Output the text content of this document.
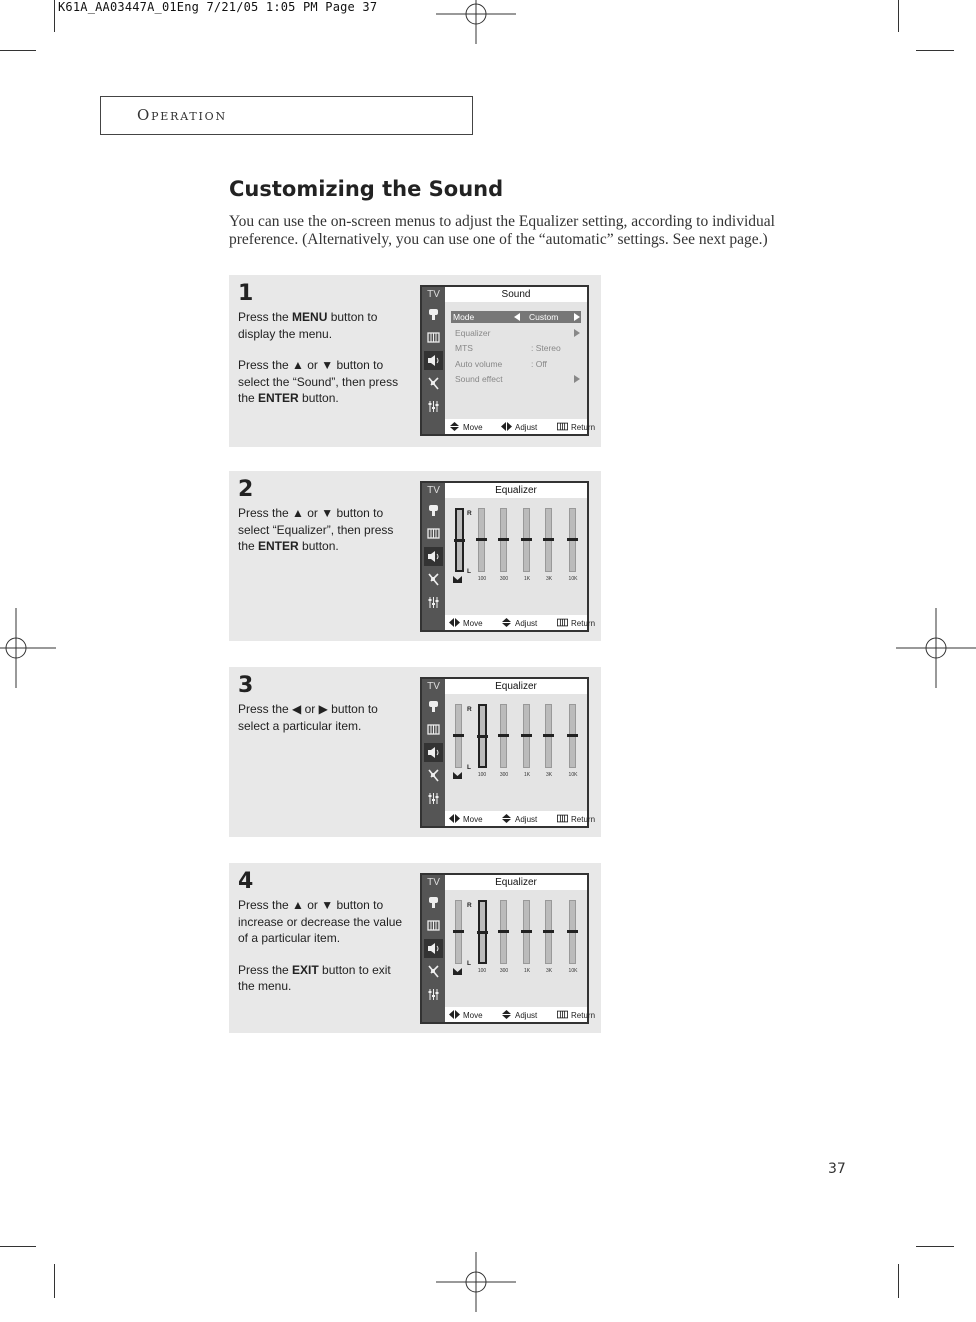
K61A_AA03447A_01Eng 7/21/05 1:05 PM Page 37
Operation
Customizing the Sound

You can use the on-screen menus to adjust the Equalizer setting, according to individual preference. (Alternatively, you can use one of the “automatic” settings. See next page.)

1

Press the MENU button to display the menu.

Press the ▲ or ▼ button to select the “Sound”, then press the ENTER button.

TV	Sound
Mode	Custom
Equalizer
MTS	: Stereo
Auto volume	: Off
Sound effect
Move	Adjust	Return
2

Press the ▲ or ▼ button to select “Equalizer”, then press the ENTER button.

TV	Equalizer
R
L
100	300	1K	3K	10K
Move	Adjust	Return
3

Press the ◀ or ▶ button to select a particular item.

TV	Equalizer
R
L
100	300	1K	3K	10K
Move	Adjust	Return
4

Press the ▲ or ▼ button to increase or decrease the value of a particular item.

Press the EXIT button to exit the menu.

TV	Equalizer
R
L
100	300	1K	3K	10K
Move	Adjust	Return
37
